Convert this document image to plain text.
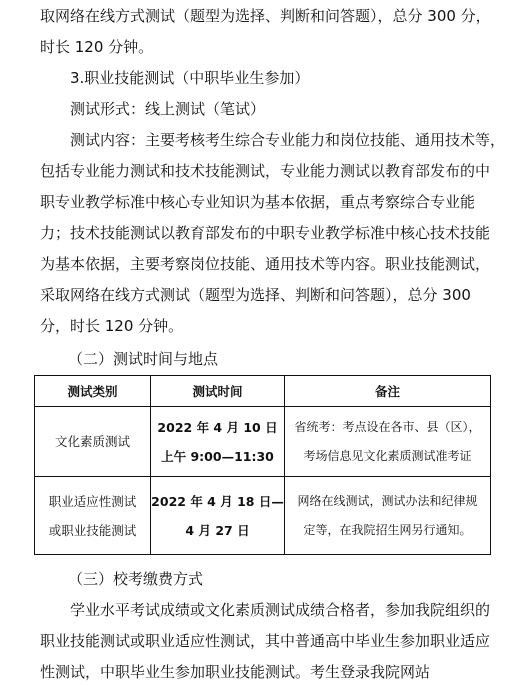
取网络在线方式测试（题型为选择、判断和问答题），总分 300 分，
时长 120 分钟。
3.职业技能测试（中职毕业生参加）
测试形式：线上测试（笔试）
测试内容：主要考核考生综合专业能力和岗位技能、通用技术等，
包括专业能力测试和技术技能测试，专业能力测试以教育部发布的中
职专业教学标准中核心专业知识为基本依据，重点考察综合专业能
力；技术技能测试以教育部发布的中职专业教学标准中核心技术技能
为基本依据，主要考察岗位技能、通用技术等内容。职业技能测试，
采取网络在线方式测试（题型为选择、判断和问答题），总分 300
分，时长 120 分钟。
（二）测试时间与地点
测试类别	测试时间	备注

文化素质测试	2022 年 4 月 10 日
上午 9:00—11:30	省统考：考点设在各市、县（区），
考场信息见文化素质测试准考证

职业适应性测试
或职业技能测试	2022 年 4 月 18 日—
4 月 27 日	网络在线测试，测试办法和纪律规
定等，在我院招生网另行通知。
（三）校考缴费方式
学业水平考试成绩或文化素质测试成绩合格者，参加我院组织的
职业技能测试或职业适应性测试，其中普通高中毕业生参加职业适应
性测试，中职毕业生参加职业技能测试。考生登录我院网站
